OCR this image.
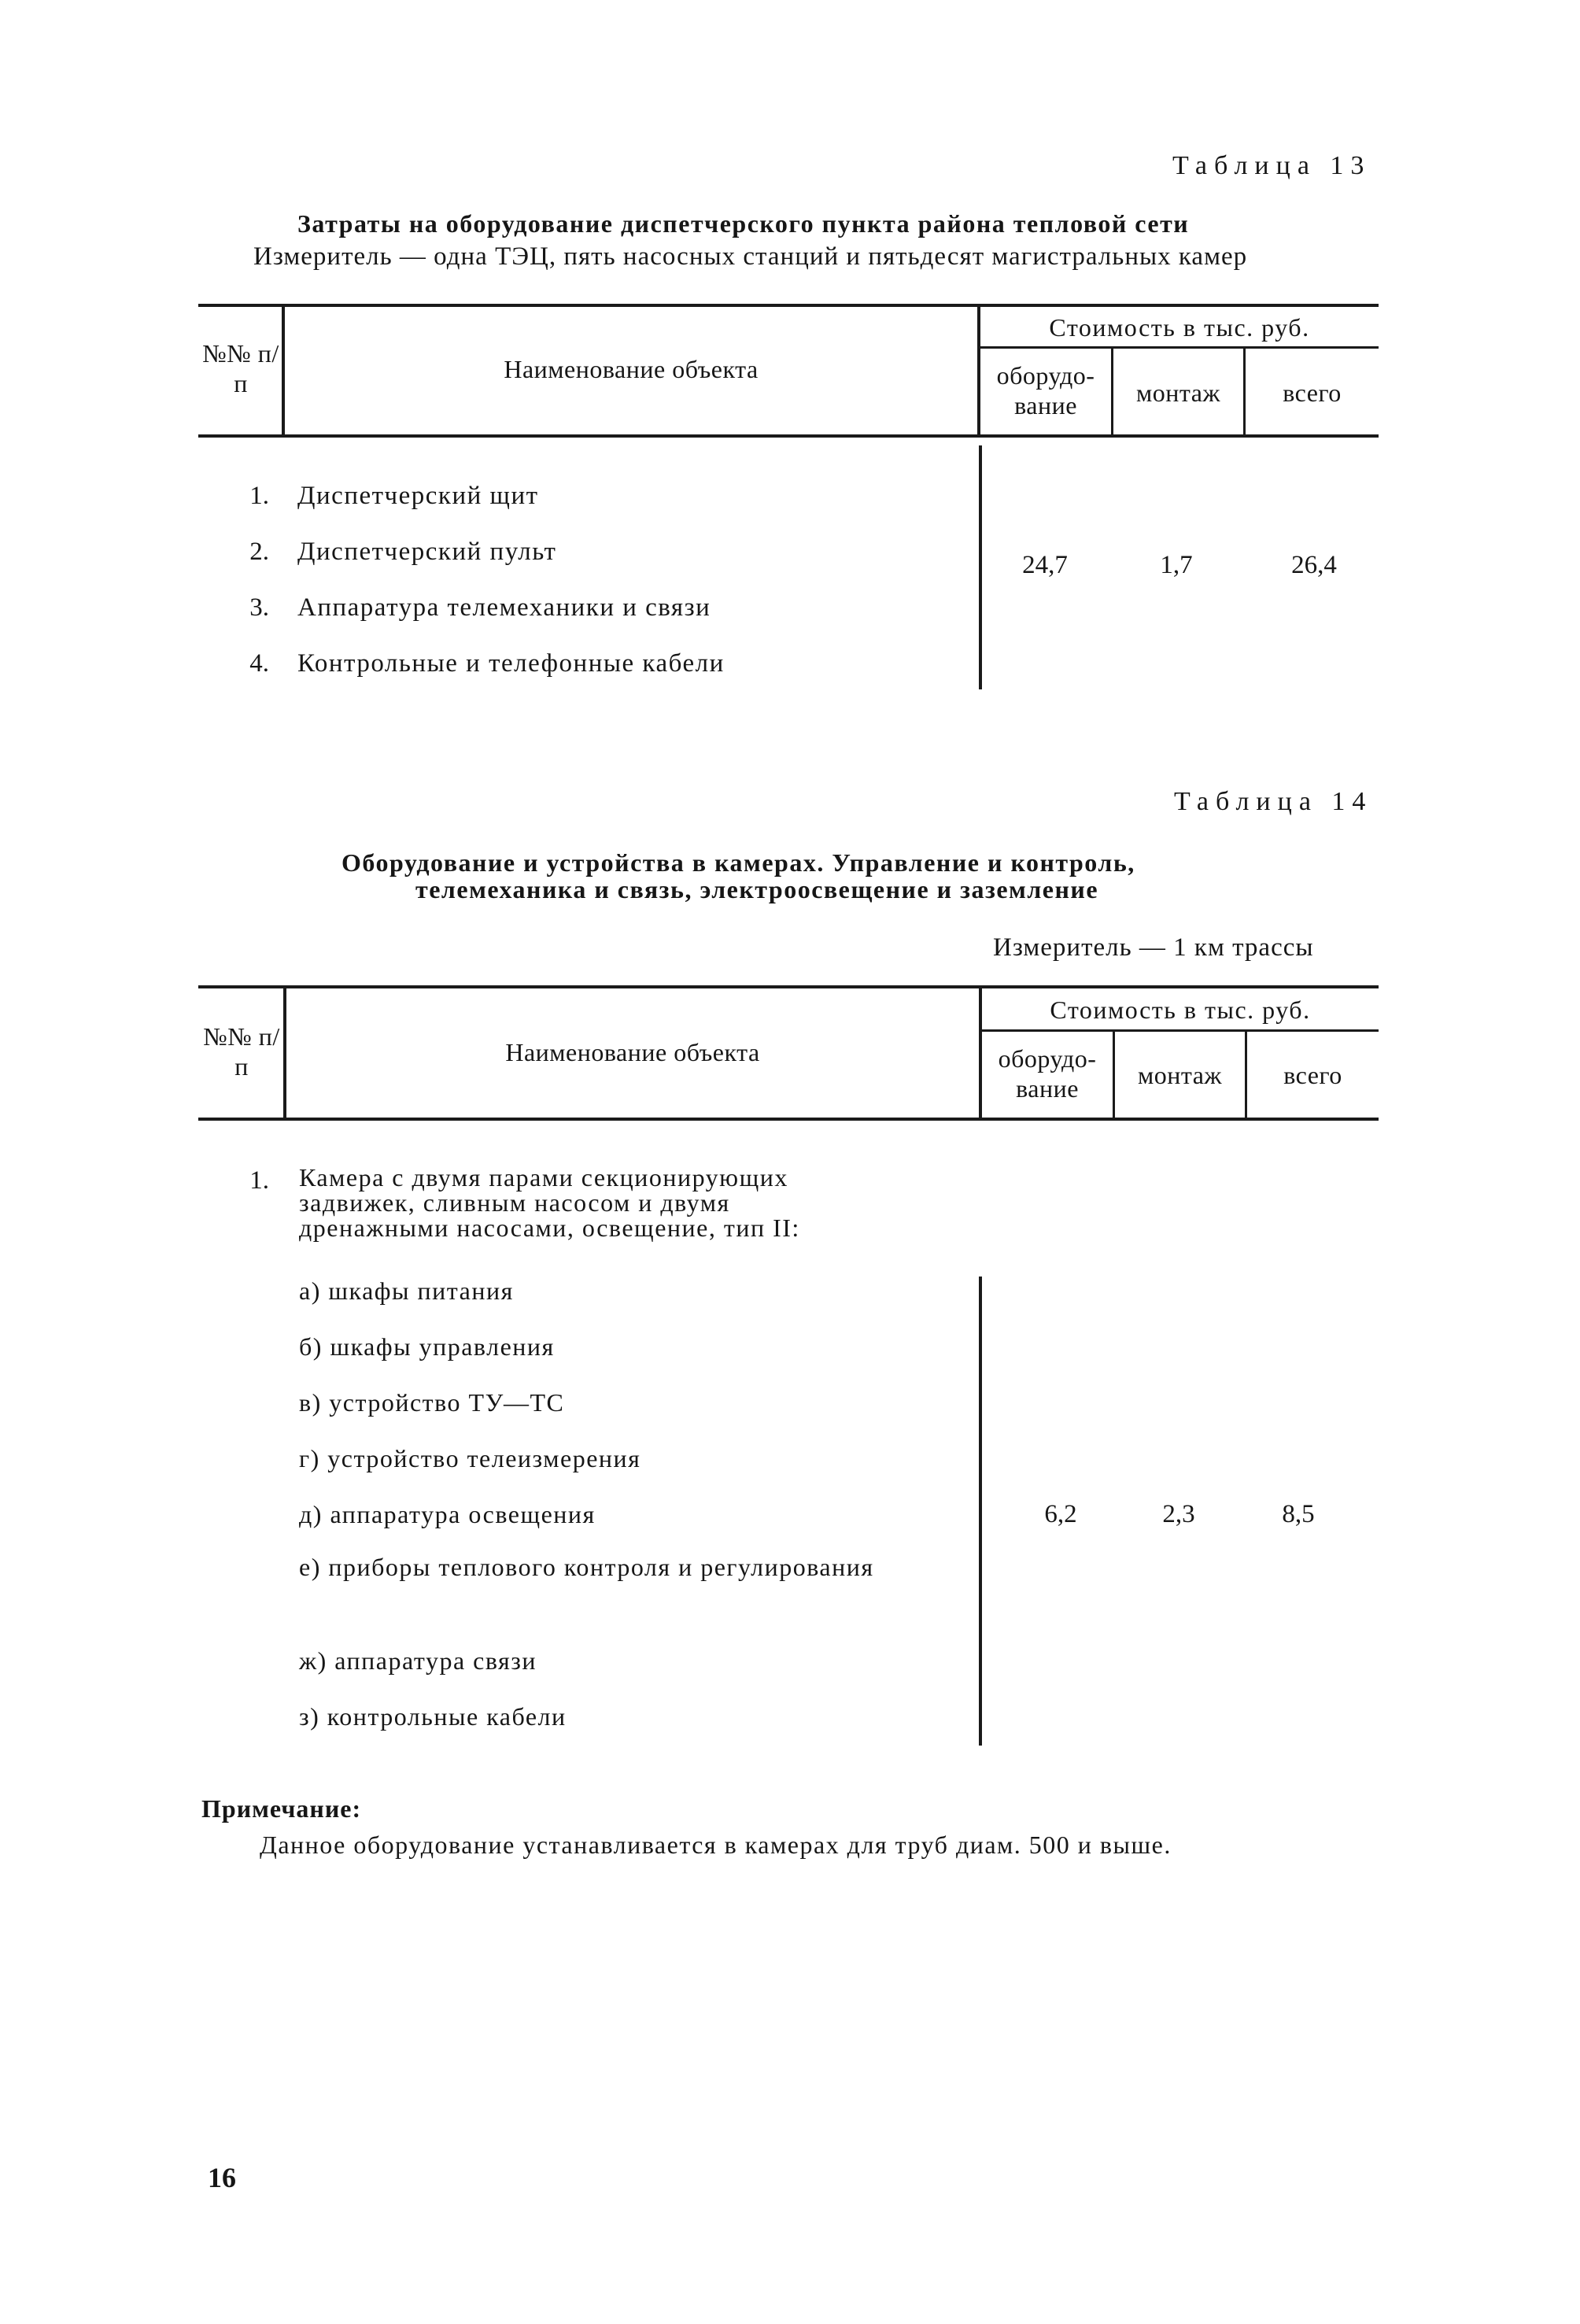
Таблица 13
Затраты на оборудование диспетчерского пункта района тепловой сети
Измеритель — одна ТЭЦ, пять насосных станций и пятьдесят магистральных камер
№№ п/п	Наименование объекта
Стоимость в тыс. руб.
оборудо- вание	монтаж	всего
1. Диспетчерский щит
2. Диспетчерский пульт
3. Аппаратура телемеханики и связи
4. Контрольные и телефонные кабели
24,7	1,7	26,4
Таблица 14
Оборудование и устройства в камерах. Управление и контроль,
телемеханика и связь, электроосвещение и заземление
Измеритель — 1 км трассы
№№ п/п	Наименование объекта
Стоимость в тыс. руб.
оборудо- вание	монтаж	всего
1. Камера с двумя парами секционирующих задвижек, сливным насосом и двумя дренажными насосами, освещение, тип II:
а) шкафы питания
б) шкафы управления
в) устройство ТУ—ТС
г) устройство телеизмерения
д) аппаратура освещения
е) приборы теплового контроля и регулирования
ж) аппаратура связи
з) контрольные кабели
6,2	2,3	8,5
Примечание:
Данное оборудование устанавливается в камерах для труб диам. 500 и выше.
16
